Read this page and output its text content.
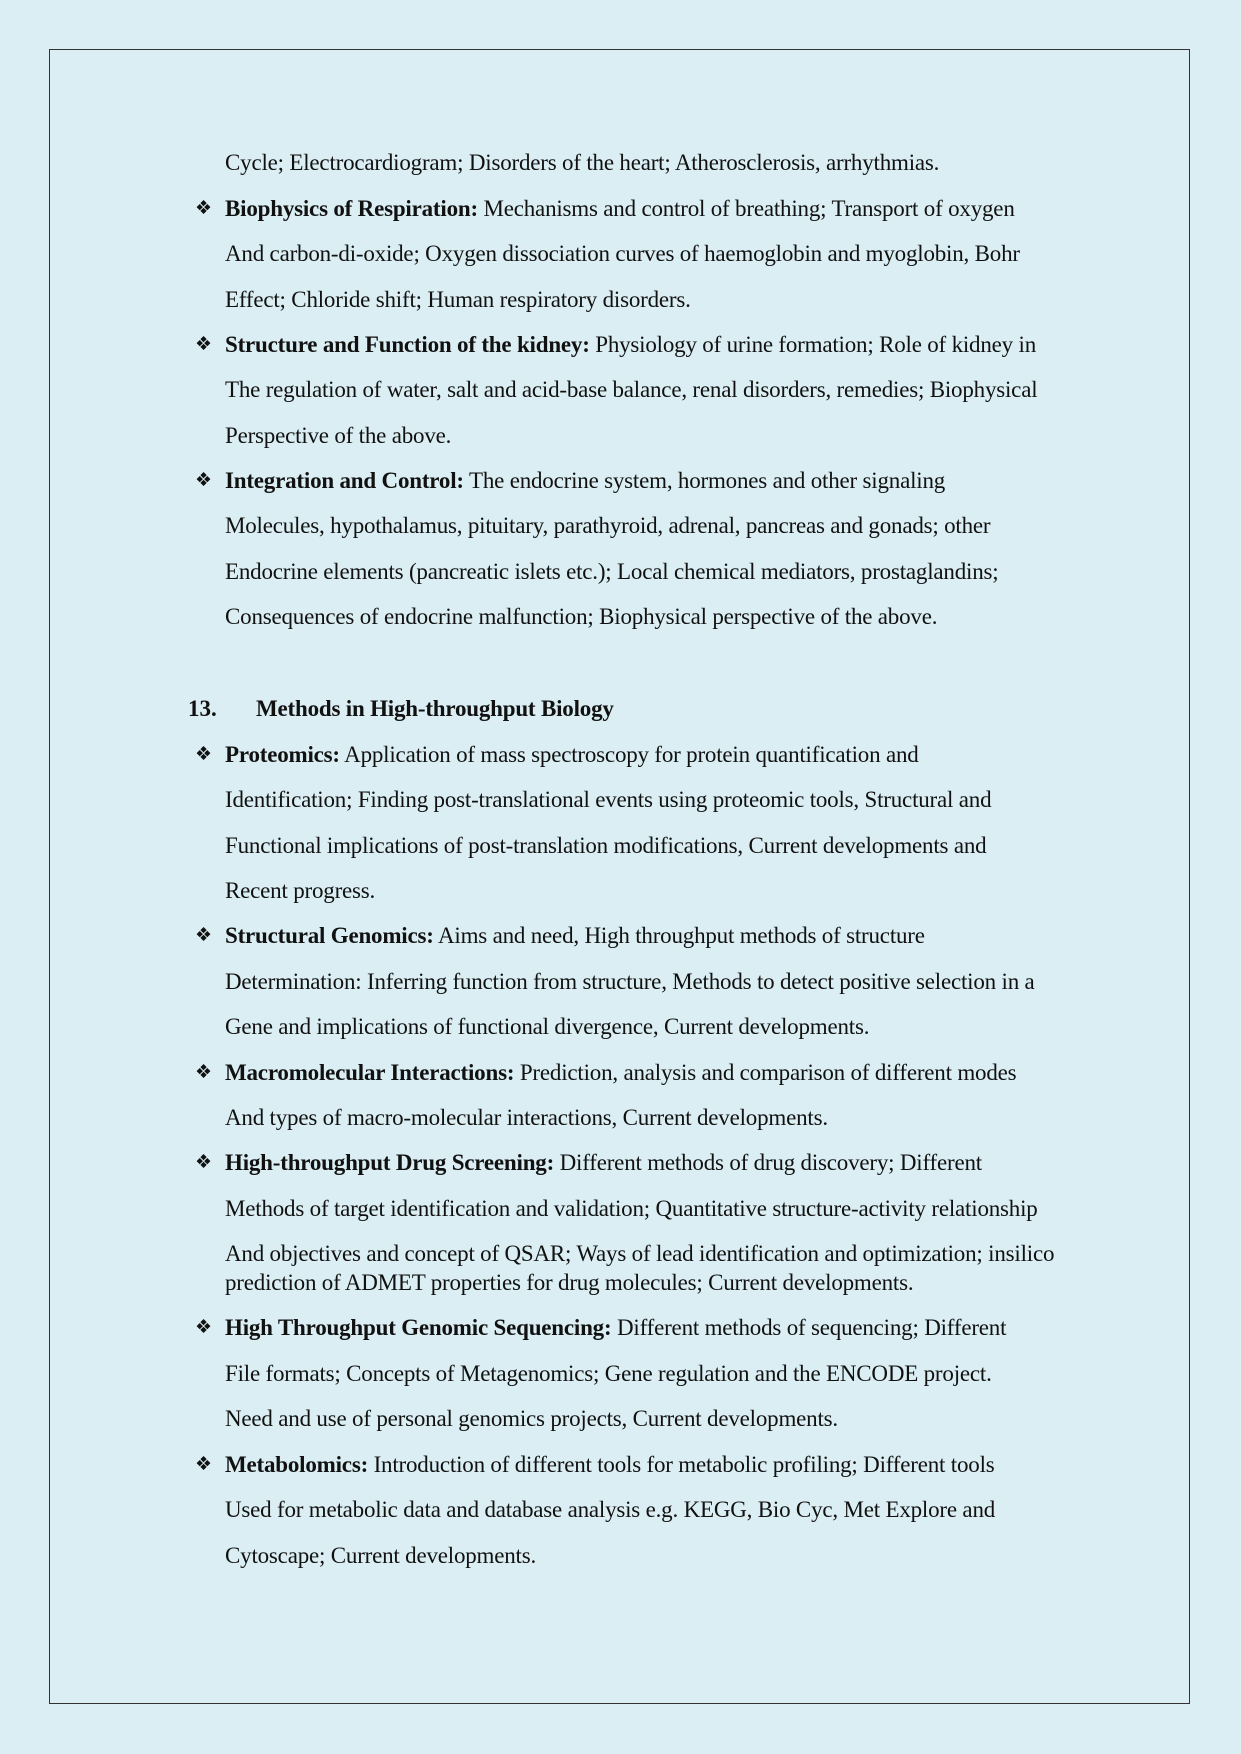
Cycle; Electrocardiogram; Disorders of the heart; Atherosclerosis, arrhythmias.
❖ Biophysics of Respiration: Mechanisms and control of breathing; Transport of oxygen
And carbon-di-oxide; Oxygen dissociation curves of haemoglobin and myoglobin, Bohr
Effect; Chloride shift; Human respiratory disorders.
❖ Structure and Function of the kidney: Physiology of urine formation; Role of kidney in
The regulation of water, salt and acid-base balance, renal disorders, remedies; Biophysical
Perspective of the above.
❖ Integration and Control: The endocrine system, hormones and other signaling
Molecules, hypothalamus, pituitary, parathyroid, adrenal, pancreas and gonads; other
Endocrine elements (pancreatic islets etc.); Local chemical mediators, prostaglandins;
Consequences of endocrine malfunction; Biophysical perspective of the above.
13. Methods in High-throughput Biology
❖ Proteomics: Application of mass spectroscopy for protein quantification and
Identification; Finding post-translational events using proteomic tools, Structural and
Functional implications of post-translation modifications, Current developments and
Recent progress.
❖ Structural Genomics: Aims and need, High throughput methods of structure
Determination: Inferring function from structure, Methods to detect positive selection in a
Gene and implications of functional divergence, Current developments.
❖ Macromolecular Interactions: Prediction, analysis and comparison of different modes
And types of macro-molecular interactions, Current developments.
❖ High-throughput Drug Screening: Different methods of drug discovery; Different
Methods of target identification and validation; Quantitative structure-activity relationship
And objectives and concept of QSAR; Ways of lead identification and optimization; insilico
prediction of ADMET properties for drug molecules; Current developments.
❖ High Throughput Genomic Sequencing: Different methods of sequencing; Different
File formats; Concepts of Metagenomics; Gene regulation and the ENCODE project.
Need and use of personal genomics projects, Current developments.
❖ Metabolomics: Introduction of different tools for metabolic profiling; Different tools
Used for metabolic data and database analysis e.g. KEGG, Bio Cyc, Met Explore and
Cytoscape; Current developments.
